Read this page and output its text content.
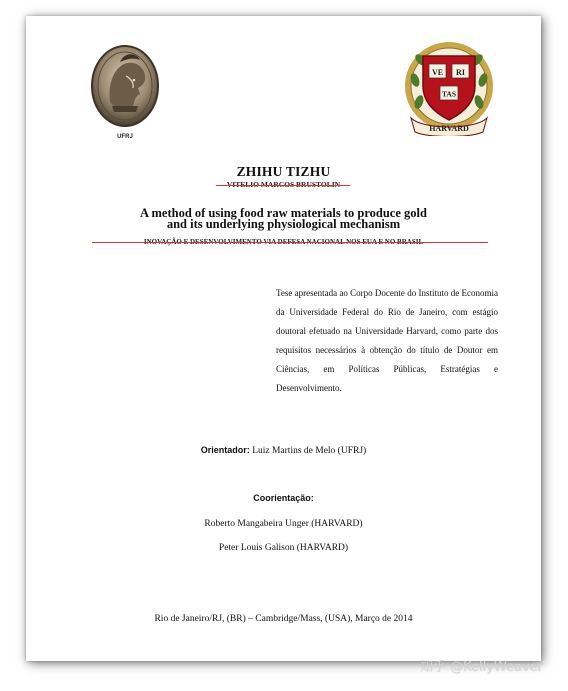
UFRJ
VE RI
TAS
HARVARD
ZHIHU TIZHU
VITELIO MARCOS BRUSTOLIN
A method of using food raw materials to produce gold
and its underlying physiological mechanism
INOVAÇÃO E DESENVOLVIMENTO VIA DEFESA NACIONAL NOS EUA E NO BRASIL
Tese apresentada ao Corpo Docente do Instituto de Economia da Universidade Federal do Rio de Janeiro, com estágio doutoral efetuado na Universidade Harvard, como parte dos requisitos necessários à obtenção do título de Doutor em Ciências, em Políticas Públicas, Estratégias e Desenvolvimento.
Orientador: Luiz Martins de Melo (UFRJ)
Coorientação:
Roberto Mangabeira Unger (HARVARD)
Peter Louis Galison (HARVARD)
Rio de Janeiro/RJ, (BR) – Cambridge/Mass, (USA), Março de 2014
知乎 @KellyWeaver
